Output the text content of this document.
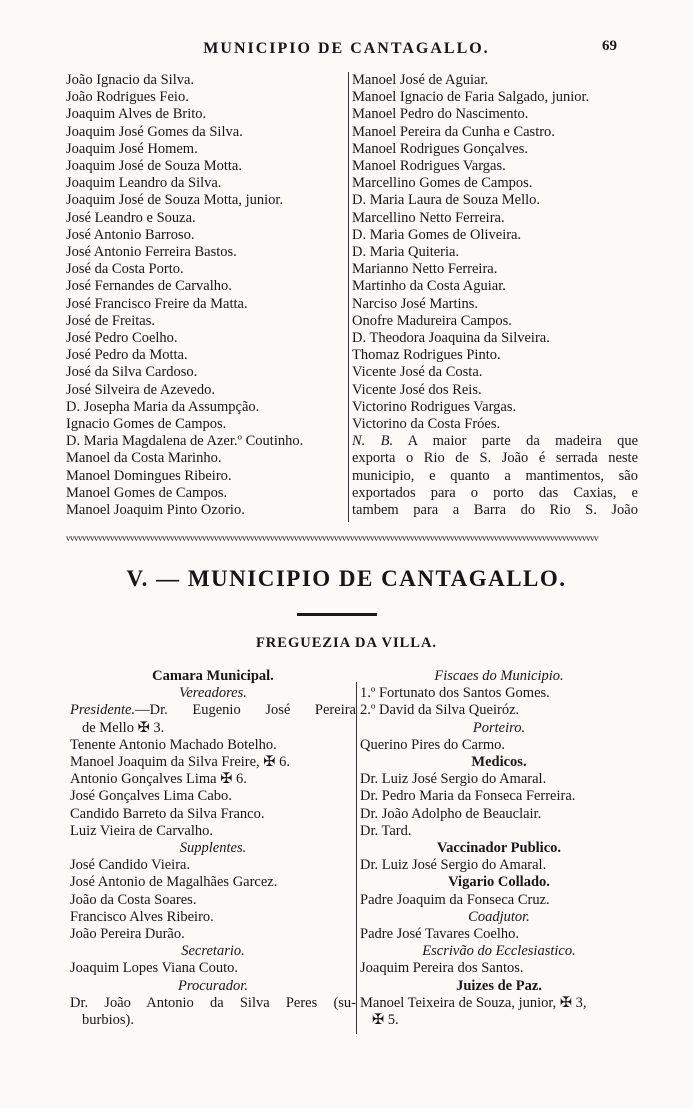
MUNICIPIO DE CANTAGALLO.	69
João Ignacio da Silva.
João Rodrigues Feio.
Joaquim Alves de Brito.
Joaquim José Gomes da Silva.
Joaquim José Homem.
Joaquim José de Souza Motta.
Joaquim Leandro da Silva.
Joaquim José de Souza Motta, junior.
José Leandro e Souza.
José Antonio Barroso.
José Antonio Ferreira Bastos.
José da Costa Porto.
José Fernandes de Carvalho.
José Francisco Freire da Matta.
José de Freitas.
José Pedro Coelho.
José Pedro da Motta.
José da Silva Cardoso.
José Silveira de Azevedo.
D. Josepha Maria da Assumpção.
Ignacio Gomes de Campos.
D. Maria Magdalena de Azer.º Coutinho.
Manoel da Costa Marinho.
Manoel Domingues Ribeiro.
Manoel Gomes de Campos.
Manoel Joaquim Pinto Ozorio.
Manoel José de Aguiar.
Manoel Ignacio de Faria Salgado, junior.
Manoel Pedro do Nascimento.
Manoel Pereira da Cunha e Castro.
Manoel Rodrigues Gonçalves.
Manoel Rodrigues Vargas.
Marcellino Gomes de Campos.
D. Maria Laura de Souza Mello.
Marcellino Netto Ferreira.
D. Maria Gomes de Oliveira.
D. Maria Quiteria.
Marianno Netto Ferreira.
Martinho da Costa Aguiar.
Narciso José Martins.
Onofre Madureira Campos.
D. Theodora Joaquina da Silveira.
Thomaz Rodrigues Pinto.
Vicente José da Costa.
Vicente José dos Reis.
Victorino Rodrigues Vargas.
Victorino da Costa Fróes.
N. B. A maior parte da madeira que
exporta o Rio de S. João é serrada neste
municipio, e quanto a mantimentos, são
exportados para o porto das Caxias, e
tambem para a Barra do Rio S. João
vvvvvvvvvvvvvvvvvvvvvvvvvvvvvvvvvvvvvvvvvvvvvvvvvvvvvvvvvvvvvvvvvvvvvvvvvvvvvvvvvvvvvvvvvvvvvvvvvvvvvvvvvvvvvvvvvvvvvvvvvvvvvvvvvvvvv
V. — MUNICIPIO DE CANTAGALLO.
FREGUEZIA DA VILLA.
Camara Municipal.
Vereadores.
Presidente.—Dr. Eugenio José Pereira
de Mello ✠ 3.
Tenente Antonio Machado Botelho.
Manoel Joaquim da Silva Freire, ✠ 6.
Antonio Gonçalves Lima ✠ 6.
José Gonçalves Lima Cabo.
Candido Barreto da Silva Franco.
Luiz Vieira de Carvalho.
Supplentes.
José Candido Vieira.
José Antonio de Magalhães Garcez.
João da Costa Soares.
Francisco Alves Ribeiro.
João Pereira Durão.
Secretario.
Joaquim Lopes Viana Couto.
Procurador.
Dr. João Antonio da Silva Peres (su-
burbios).
Fiscaes do Municipio.
1.º Fortunato dos Santos Gomes.
2.º David da Silva Queiróz.
Porteiro.
Querino Pires do Carmo.
Medicos.
Dr. Luiz José Sergio do Amaral.
Dr. Pedro Maria da Fonseca Ferreira.
Dr. João Adolpho de Beauclair.
Dr. Tard.
Vaccinador Publico.
Dr. Luiz José Sergio do Amaral.
Vigario Collado.
Padre Joaquim da Fonseca Cruz.
Coadjutor.
Padre José Tavares Coelho.
Escrivão do Ecclesiastico.
Joaquim Pereira dos Santos.
Juizes de Paz.
Manoel Teixeira de Souza, junior, ✠ 3,
✠ 5.
